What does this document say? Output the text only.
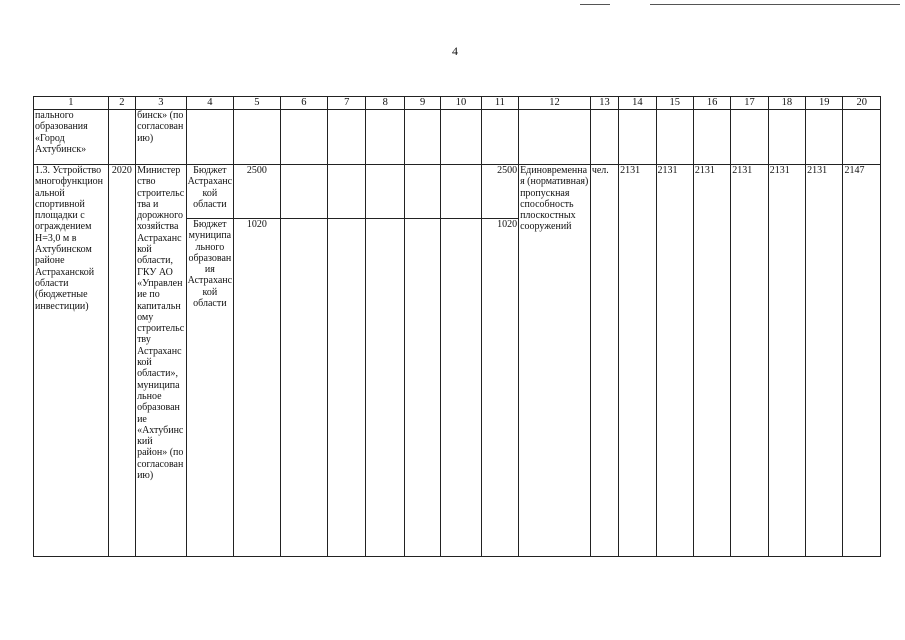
4
1	2	3	4	5	6	7	8	9	10	11	12	13	14	15	16	17	18	19	20
пального образования «Город Ахтубинск»		бинск» (по согласованию)																	
1.3. Устройство многофункциональной спортивной площадки с ограждением Н=3,0 м в Ахтубинском районе Астраханской области (бюджетные инвестиции)	2020	Министерство строительства и дорожного хозяйства Астраханской области, ГКУ АО «Управление по капитальному строительству Астраханской области», муниципальное образование «Ахтубинский район» (по согласованию)	Бюджет Астраханской области	2500						2500	Единовременная (нормативная) пропускная способность плоскостных сооружений	чел.	2131	2131	2131	2131	2131	2131	2147
			Бюджет муниципального образования Астраханской области	1020						1020									
